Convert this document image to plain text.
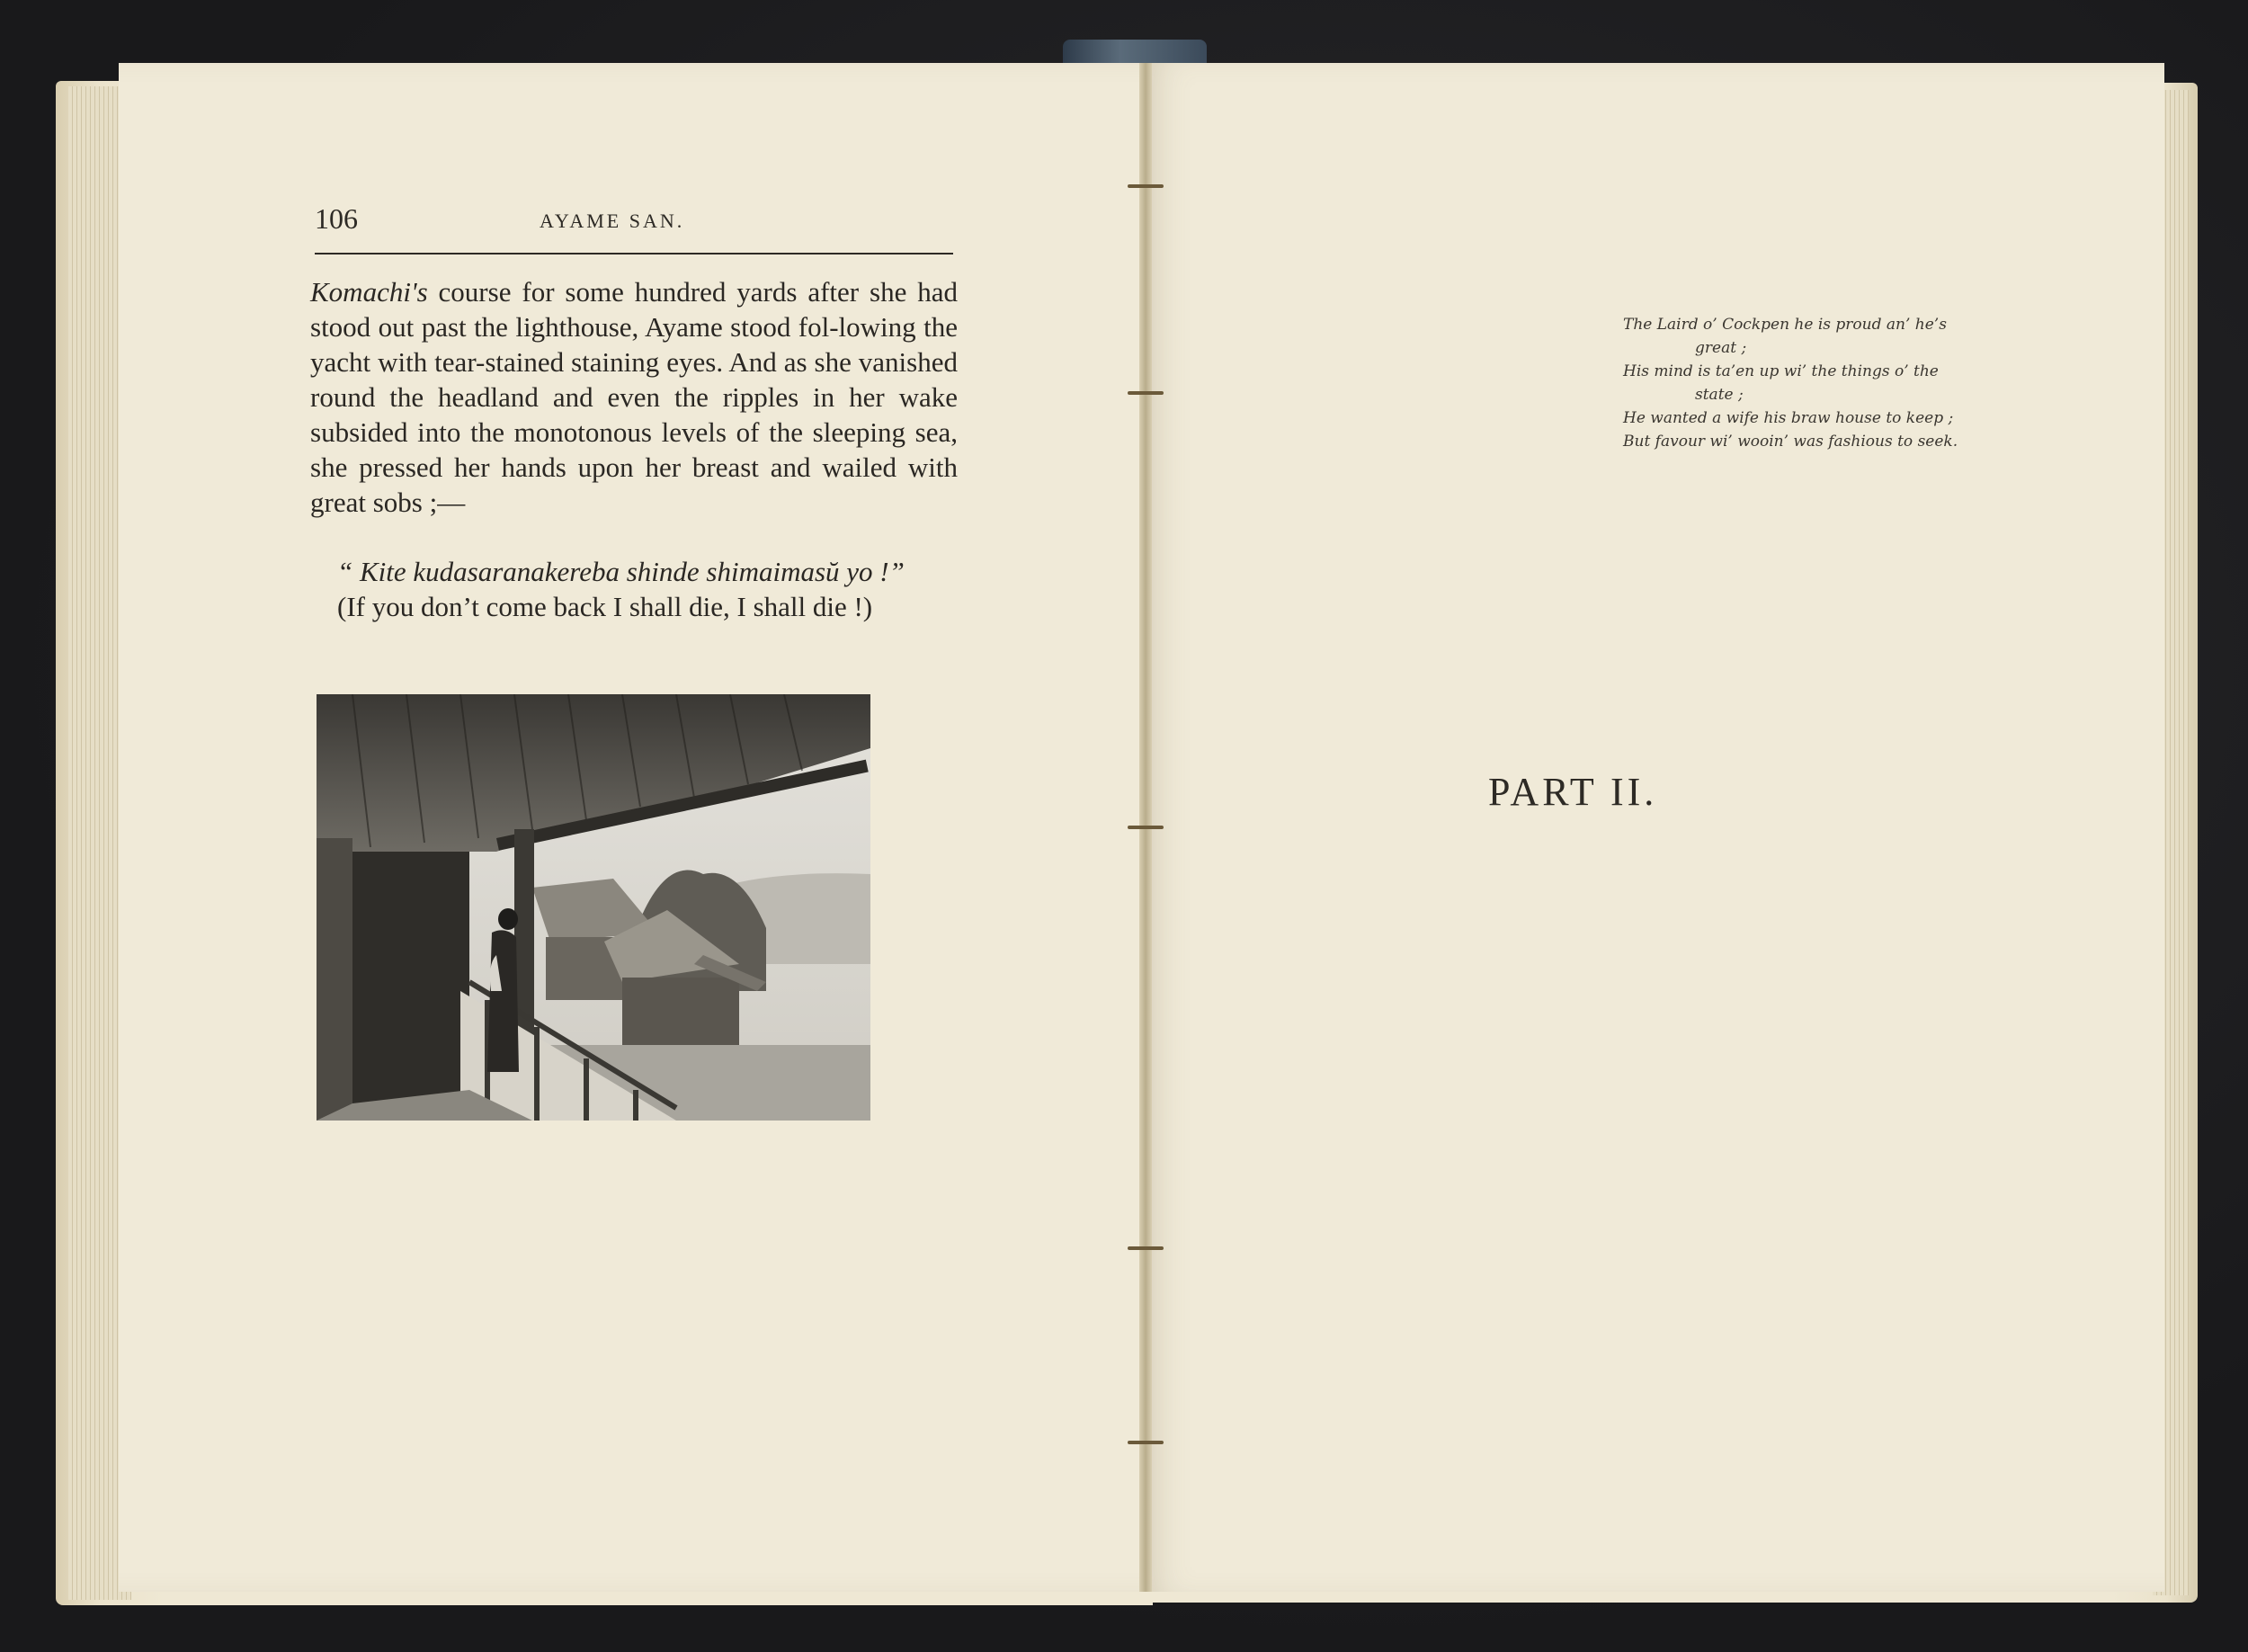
106	AYAME SAN.

Komachi's course for some hundred yards after she had stood out past the lighthouse, Ayame stood fol-lowing the yacht with tear-stained staining eyes. And as she vanished round the headland and even the ripples in her wake subsided into the monotonous levels of the sleeping sea, she pressed her hands upon her breast and wailed with great sobs ;—

“ Kite kudasaranakereba shinde shimaimasŭ yo !”
(If you don’t come back I shall die, I shall die !)
The Laird o’ Cockpen he is proud an’ he’s
great ;
His mind is ta’en up wi’ the things o’ the
state ;
He wanted a wife his braw house to keep ;
But favour wi’ wooin’ was fashious to seek.
PART II.
